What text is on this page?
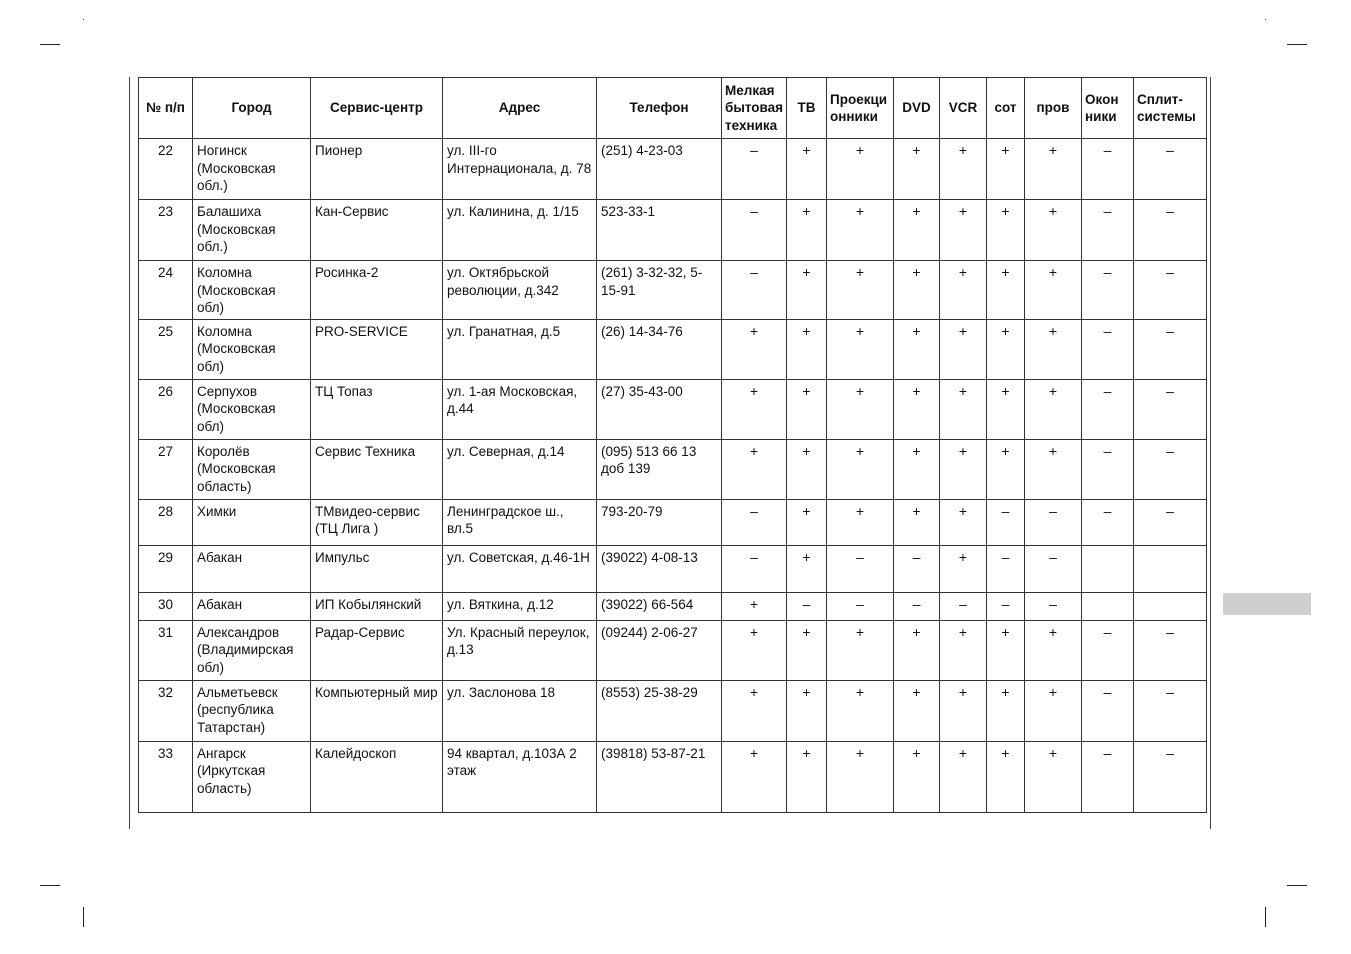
№ п/п	Город	Сервис-центр	Адрес	Телефон	Мелкая бытовая техника	ТВ	Проекци онники	DVD	VCR	сот	пров	Окон ники	Сплит-системы
22	Ногинск (Московская обл.)	Пионер	ул. III-го Интернационала, д. 78	(251) 4-23-03	–	+	+	+	+	+	+	–	–
23	Балашиха (Московская обл.)	Кан-Сервис	ул. Калинина, д. 1/15	523-33-1	–	+	+	+	+	+	+	–	–
24	Коломна (Московская обл)	Росинка-2	ул. Октябрьской революции, д.342	(261) 3-32-32, 5-15-91	–	+	+	+	+	+	+	–	–
25	Коломна (Московская обл)	PRO-SERVICE	ул. Гранатная, д.5	(26) 14-34-76	+	+	+	+	+	+	+	–	–
26	Серпухов (Московская обл)	ТЦ Топаз	ул. 1-ая Московская, д.44	(27) 35-43-00	+	+	+	+	+	+	+	–	–
27	Королёв (Московская область)	Сервис Техника	ул. Северная, д.14	(095) 513 66 13 доб 139	+	+	+	+	+	+	+	–	–
28	Химки	ТМвидео-сервис (ТЦ Лига )	Ленинградское ш., вл.5	793-20-79	–	+	+	+	+	–	–	–	–
29	Абакан	Импульс	ул. Советская, д.46-1Н	(39022) 4-08-13	–	+	–	–	+	–	–		
30	Абакан	ИП Кобылянский	ул. Вяткина, д.12	(39022) 66-564	+	–	–	–	–	–	–		
31	Александров (Владимирская обл)	Радар-Сервис	Ул. Красный переулок, д.13	(09244) 2-06-27	+	+	+	+	+	+	+	–	–
32	Альметьевск (республика Татарстан)	Компьютерный мир	ул. Заслонова 18	(8553) 25-38-29	+	+	+	+	+	+	+	–	–
33	Ангарск (Иркутская область)	Калейдоскоп	94 квартал, д.103А 2 этаж	(39818) 53-87-21	+	+	+	+	+	+	+	–	–
